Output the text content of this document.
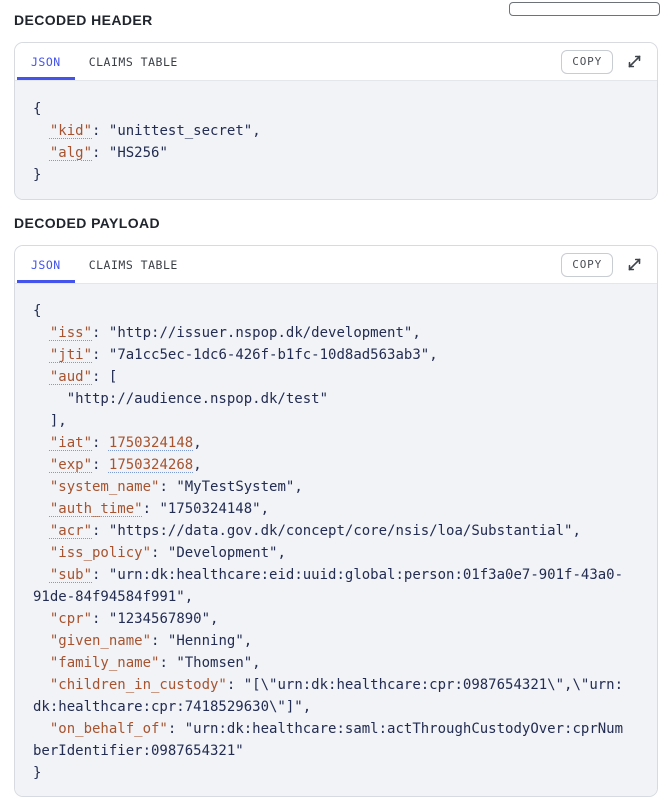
DECODED HEADER
JSON	CLAIMS TABLE	COPY
{
"kid": "unittest_secret",
"alg": "HS256"
}
DECODED PAYLOAD
JSON	CLAIMS TABLE	COPY
{
"iss": "http://issuer.nspop.dk/development",
"jti": "7a1cc5ec-1dc6-426f-b1fc-10d8ad563ab3",
"aud": [
"http://audience.nspop.dk/test"
],
"iat": 1750324148,
"exp": 1750324268,
"system_name": "MyTestSystem",
"auth_time": "1750324148",
"acr": "https://data.gov.dk/concept/core/nsis/loa/Substantial",
"iss_policy": "Development",
"sub": "urn:dk:healthcare:eid:uuid:global:person:01f3a0e7-901f-43a0-91de-84f94584f991",
"cpr": "1234567890",
"given_name": "Henning",
"family_name": "Thomsen",
"children_in_custody": "[\"urn:dk:healthcare:cpr:0987654321\",\"urn:dk:healthcare:cpr:7418529630\"]",
"on_behalf_of": "urn:dk:healthcare:saml:actThroughCustodyOver:cprNumberIdentifier:0987654321"
}
